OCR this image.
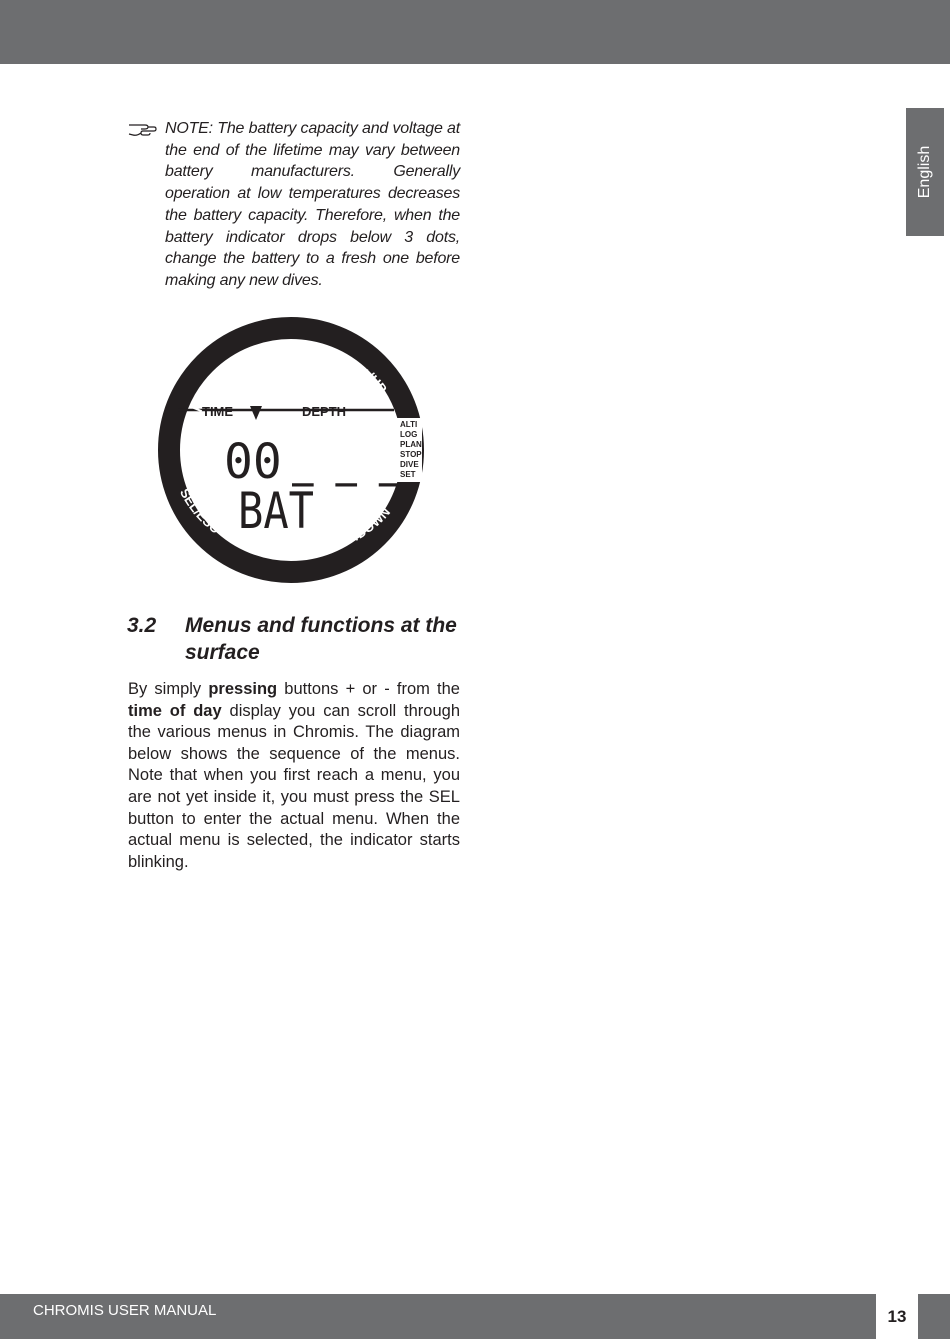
English
NOTE: The battery capacity and voltage at the end of the lifetime may vary between battery manufacturers. Generally operation at low temperatures decreases the battery capacity. Therefore, when the battery indicator drops below 3 dots, change the battery to a fresh one before making any new dives.
LIGHT
+/UP
SEL/ESC
-/DOWN
TIME	DEPTH
ALTI
LOG
PLAN
STOP
DIVE
SET
00 _ _ _
BAT
3.2 Menus and functions at the surface
By simply pressing buttons + or - from the time of day display you can scroll through the various menus in Chromis. The diagram below shows the sequence of the menus. Note that when you first reach a menu, you are not yet inside it, you must press the SEL button to enter the actual menu. When the actual menu is selected, the indicator starts blinking.
CHROMIS USER MANUAL	13
